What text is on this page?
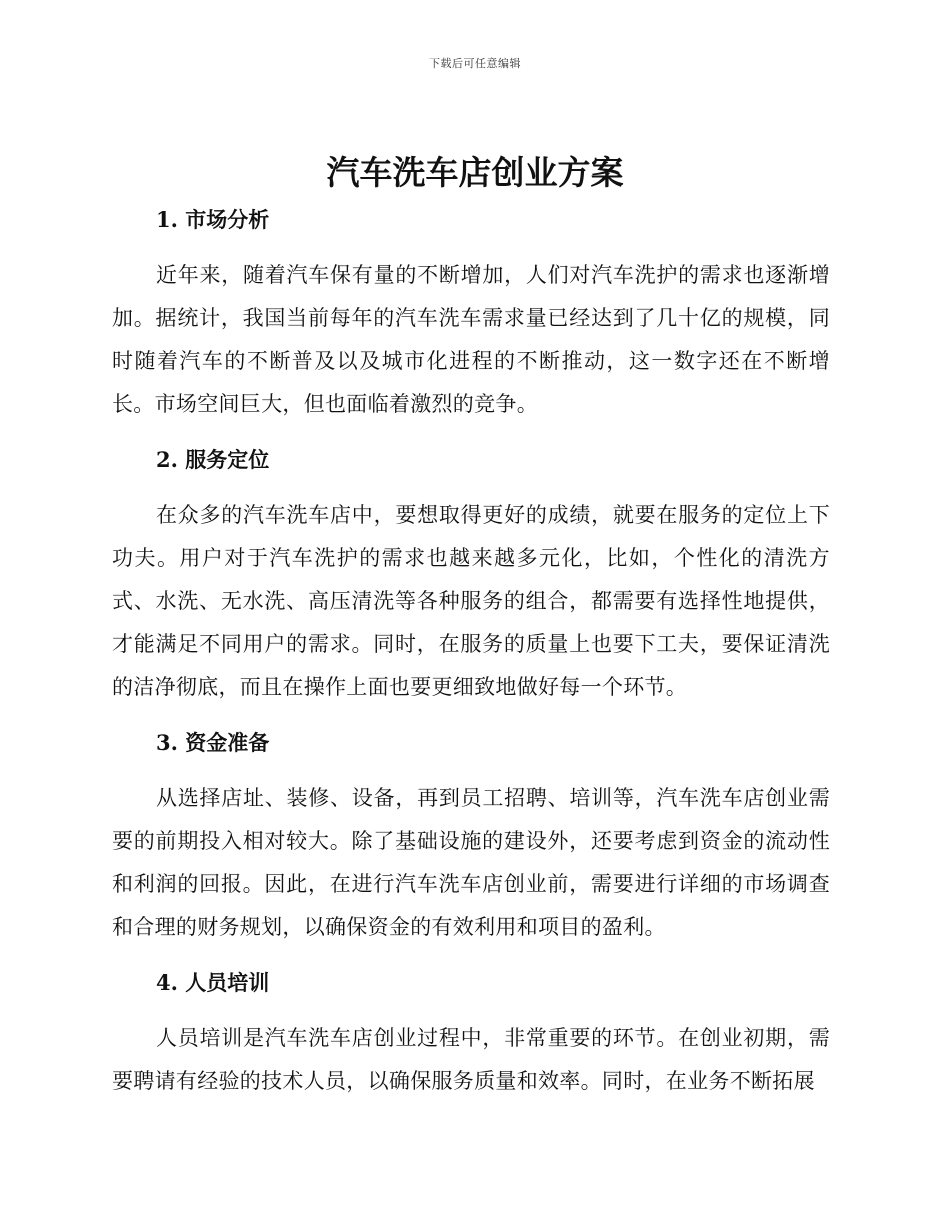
下载后可任意编辑
汽车洗车店创业方案
1. 市场分析

近年来，随着汽车保有量的不断增加，人们对汽车洗护的需求也逐渐增加。据统计，我国当前每年的汽车洗车需求量已经达到了几十亿的规模，同时随着汽车的不断普及以及城市化进程的不断推动，这一数字还在不断增长。市场空间巨大，但也面临着激烈的竞争。

2. 服务定位

在众多的汽车洗车店中，要想取得更好的成绩，就要在服务的定位上下功夫。用户对于汽车洗护的需求也越来越多元化，比如，个性化的清洗方式、水洗、无水洗、高压清洗等各种服务的组合，都需要有选择性地提供，才能满足不同用户的需求。同时，在服务的质量上也要下工夫，要保证清洗的洁净彻底，而且在操作上面也要更细致地做好每一个环节。

3. 资金准备

从选择店址、装修、设备，再到员工招聘、培训等，汽车洗车店创业需要的前期投入相对较大。除了基础设施的建设外，还要考虑到资金的流动性和利润的回报。因此，在进行汽车洗车店创业前，需要进行详细的市场调查和合理的财务规划，以确保资金的有效利用和项目的盈利。

4. 人员培训

人员培训是汽车洗车店创业过程中，非常重要的环节。在创业初期，需要聘请有经验的技术人员，以确保服务质量和效率。同时，在业务不断拓展
